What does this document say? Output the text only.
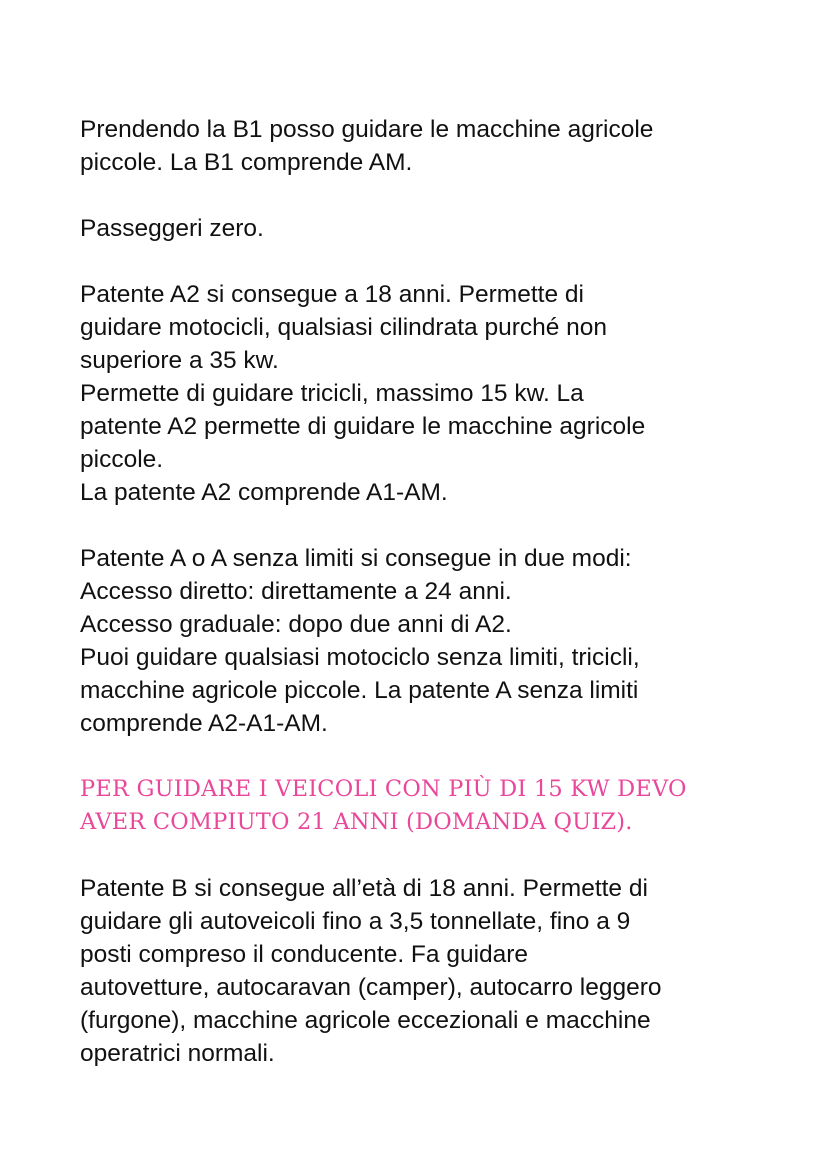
Prendendo la B1 posso guidare le macchine agricole
piccole. La B1 comprende AM.

Passeggeri zero.

Patente A2 si consegue a 18 anni. Permette di
guidare motocicli, qualsiasi cilindrata purché non
superiore a 35 kw.
Permette di guidare tricicli, massimo 15 kw. La
patente A2 permette di guidare le macchine agricole
piccole.
La patente A2 comprende A1-AM.

Patente A o A senza limiti si consegue in due modi:
Accesso diretto: direttamente a 24 anni.
Accesso graduale: dopo due anni di A2.
Puoi guidare qualsiasi motociclo senza limiti, tricicli,
macchine agricole piccole. La patente A senza limiti
comprende A2-A1-AM.

PER GUIDARE I VEICOLI CON PIÙ DI 15 KW DEVO
AVER COMPIUTO 21 ANNI (DOMANDA QUIZ).

Patente B si consegue all’età di 18 anni. Permette di
guidare gli autoveicoli fino a 3,5 tonnellate, fino a 9
posti compreso il conducente. Fa guidare
autovetture, autocaravan (camper), autocarro leggero
(furgone), macchine agricole eccezionali e macchine
operatrici normali.
